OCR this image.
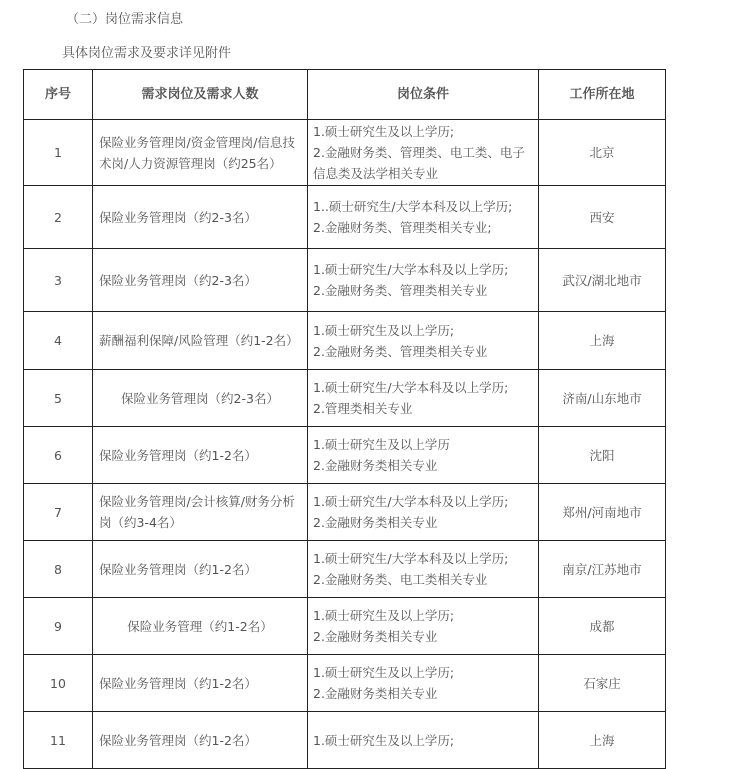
（二）岗位需求信息

具体岗位需求及要求详见附件

序号	需求岗位及需求人数	岗位条件	工作所在地
1	保险业务管理岗/资金管理岗/信息技术岗/人力资源管理岗（约25名）	1.硕士研究生及以上学历;
2.金融财务类、管理类、电工类、电子
信息类及法学相关专业	北京
2	保险业务管理岗（约2-3名）	1..硕士研究生/大学本科及以上学历;
2.金融财务类、管理类相关专业;	西安
3	保险业务管理岗（约2-3名）	1.硕士研究生/大学本科及以上学历;
2.金融财务类、管理类相关专业	武汉/湖北地市
4	薪酬福利保障/风险管理（约1-2名）	1.硕士研究生及以上学历;
2.金融财务类、管理类相关专业	上海
5	保险业务管理岗（约2-3名）	1.硕士研究生/大学本科及以上学历;
2.管理类相关专业	济南/山东地市
6	保险业务管理岗（约1-2名）	1.硕士研究生及以上学历
2.金融财务类相关专业	沈阳
7	保险业务管理岗/会计核算/财务分析岗（约3-4名）	1.硕士研究生/大学本科及以上学历;
2.金融财务类相关专业	郑州/河南地市
8	保险业务管理岗（约1-2名）	1.硕士研究生/大学本科及以上学历;
2.金融财务类、电工类相关专业	南京/江苏地市
9	保险业务管理（约1-2名）	1.硕士研究生及以上学历;
2.金融财务类相关专业	成都
10	保险业务管理岗（约1-2名）	1.硕士研究生及以上学历;
2.金融财务类相关专业	石家庄
11	保险业务管理岗（约1-2名）	1.硕士研究生及以上学历;	上海
